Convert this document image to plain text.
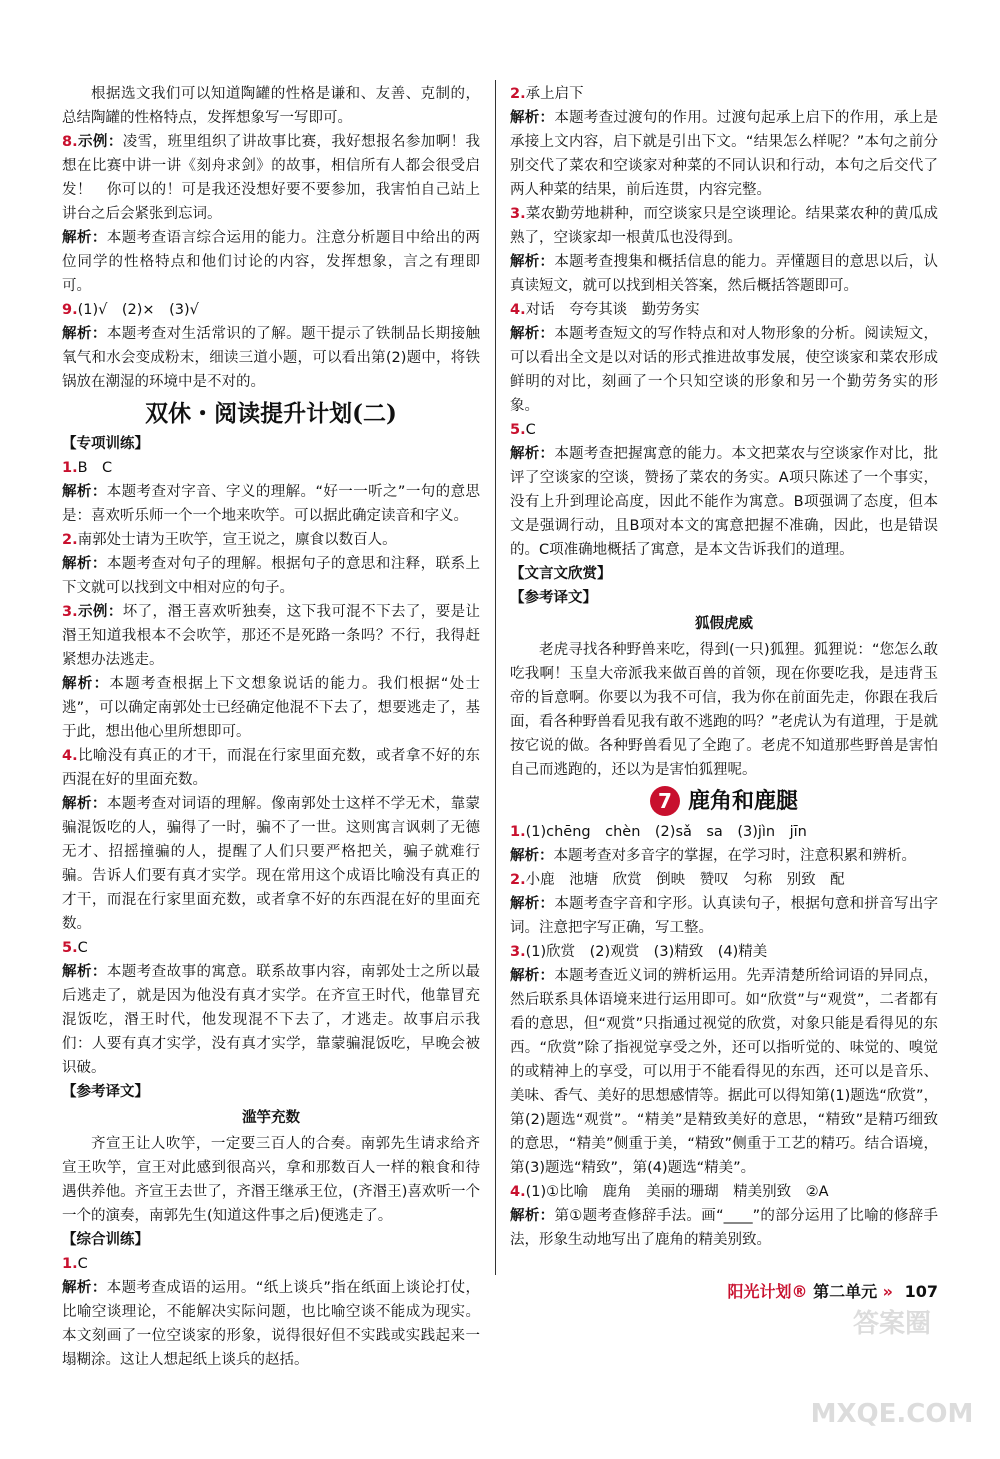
根据选文我们可以知道陶罐的性格是谦和、友善、克制的，总结陶罐的性格特点，发挥想象写一写即可。

8.示例：凌雪，班里组织了讲故事比赛，我好想报名参加啊！我想在比赛中讲一讲《刻舟求剑》的故事，相信所有人都会很受启发！　你可以的！可是我还没想好要不要参加，我害怕自己站上讲台之后会紧张到忘词。

解析：本题考查语言综合运用的能力。注意分析题目中给出的两位同学的性格特点和他们讨论的内容，发挥想象，言之有理即可。

9.(1)√　(2)×　(3)√

解析：本题考查对生活常识的了解。题干提示了铁制品长期接触氧气和水会变成粉末，细读三道小题，可以看出第(2)题中，将铁锅放在潮湿的环境中是不对的。

双休・阅读提升计划(二)

【专项训练】

1.B　C

解析：本题考查对字音、字义的理解。“好一一听之”一句的意思是：喜欢听乐师一个一个地来吹竽。可以据此确定读音和字义。

2.南郭处士请为王吹竽，宣王说之，廪食以数百人。

解析：本题考查对句子的理解。根据句子的意思和注释，联系上下文就可以找到文中相对应的句子。

3.示例：坏了，湣王喜欢听独奏，这下我可混不下去了，要是让湣王知道我根本不会吹竽，那还不是死路一条吗？不行，我得赶紧想办法逃走。

解析：本题考查根据上下文想象说话的能力。我们根据“处士逃”，可以确定南郭处士已经确定他混不下去了，想要逃走了，基于此，想出他心里所想即可。

4.比喻没有真正的才干，而混在行家里面充数，或者拿不好的东西混在好的里面充数。

解析：本题考查对词语的理解。像南郭处士这样不学无术，靠蒙骗混饭吃的人，骗得了一时，骗不了一世。这则寓言讽刺了无德无才、招摇撞骗的人，提醒了人们只要严格把关，骗子就难行骗。告诉人们要有真才实学。现在常用这个成语比喻没有真正的才干，而混在行家里面充数，或者拿不好的东西混在好的里面充数。

5.C

解析：本题考查故事的寓意。联系故事内容，南郭处士之所以最后逃走了，就是因为他没有真才实学。在齐宣王时代，他靠冒充混饭吃，湣王时代，他发现混不下去了，才逃走。故事启示我们：人要有真才实学，没有真才实学，靠蒙骗混饭吃，早晚会被识破。

【参考译文】

滥竽充数

齐宣王让人吹竽，一定要三百人的合奏。南郭先生请求给齐宣王吹竽，宣王对此感到很高兴，拿和那数百人一样的粮食和待遇供养他。齐宣王去世了，齐湣王继承王位，(齐湣王)喜欢听一个一个的演奏，南郭先生(知道这件事之后)便逃走了。

【综合训练】

1.C

解析：本题考查成语的运用。“纸上谈兵”指在纸面上谈论打仗，比喻空谈理论，不能解决实际问题，也比喻空谈不能成为现实。本文刻画了一位空谈家的形象，说得很好但不实践或实践起来一塌糊涂。这让人想起纸上谈兵的赵括。

2.承上启下

解析：本题考查过渡句的作用。过渡句起承上启下的作用，承上是承接上文内容，启下就是引出下文。“结果怎么样呢？”本句之前分别交代了菜农和空谈家对种菜的不同认识和行动，本句之后交代了两人种菜的结果，前后连贯，内容完整。

3.菜农勤劳地耕种，而空谈家只是空谈理论。结果菜农种的黄瓜成熟了，空谈家却一根黄瓜也没得到。

解析：本题考查搜集和概括信息的能力。弄懂题目的意思以后，认真读短文，就可以找到相关答案，然后概括答题即可。

4.对话　夸夸其谈　勤劳务实

解析：本题考查短文的写作特点和对人物形象的分析。阅读短文，可以看出全文是以对话的形式推进故事发展，使空谈家和菜农形成鲜明的对比，刻画了一个只知空谈的形象和另一个勤劳务实的形象。

5.C

解析：本题考查把握寓意的能力。本文把菜农与空谈家作对比，批评了空谈家的空谈，赞扬了菜农的务实。A项只陈述了一个事实，没有上升到理论高度，因此不能作为寓意。B项强调了态度，但本文是强调行动，且B项对本文的寓意把握不准确，因此，也是错误的。C项准确地概括了寓意，是本文告诉我们的道理。

【文言文欣赏】

【参考译文】

狐假虎威

老虎寻找各种野兽来吃，得到(一只)狐狸。狐狸说：“您怎么敢吃我啊！玉皇大帝派我来做百兽的首领，现在你要吃我，是违背玉帝的旨意啊。你要以为我不可信，我为你在前面先走，你跟在我后面，看各种野兽看见我有敢不逃跑的吗？”老虎认为有道理，于是就按它说的做。各种野兽看见了全跑了。老虎不知道那些野兽是害怕自己而逃跑的，还以为是害怕狐狸呢。

7 鹿角和鹿腿

1.(1)chēng　chèn　(2)sǎ　sa　(3)jìn　jīn

解析：本题考查对多音字的掌握，在学习时，注意积累和辨析。

2.小鹿　池塘　欣赏　倒映　赞叹　匀称　别致　配

解析：本题考查字音和字形。认真读句子，根据句意和拼音写出字词。注意把字写正确，写工整。

3.(1)欣赏　(2)观赏　(3)精致　(4)精美

解析：本题考查近义词的辨析运用。先弄清楚所给词语的异同点，然后联系具体语境来进行运用即可。如“欣赏”与“观赏”，二者都有看的意思，但“观赏”只指通过视觉的欣赏，对象只能是看得见的东西。“欣赏”除了指视觉享受之外，还可以指听觉的、味觉的、嗅觉的或精神上的享受，可以用于不能看得见的东西，还可以是音乐、美味、香气、美好的思想感情等。据此可以得知第(1)题选“欣赏”，第(2)题选“观赏”。“精美”是精致美好的意思，“精致”是精巧细致的意思，“精美”侧重于美，“精致”侧重于工艺的精巧。结合语境，第(3)题选“精致”，第(4)题选“精美”。

4.(1)①比喻　鹿角　美丽的珊瑚　精美别致　②A

解析：第①题考查修辞手法。画“____”的部分运用了比喻的修辞手法，形象生动地写出了鹿角的精美别致。

阳光计划® 第二单元 » 107
答案圈 MXQE.COM
